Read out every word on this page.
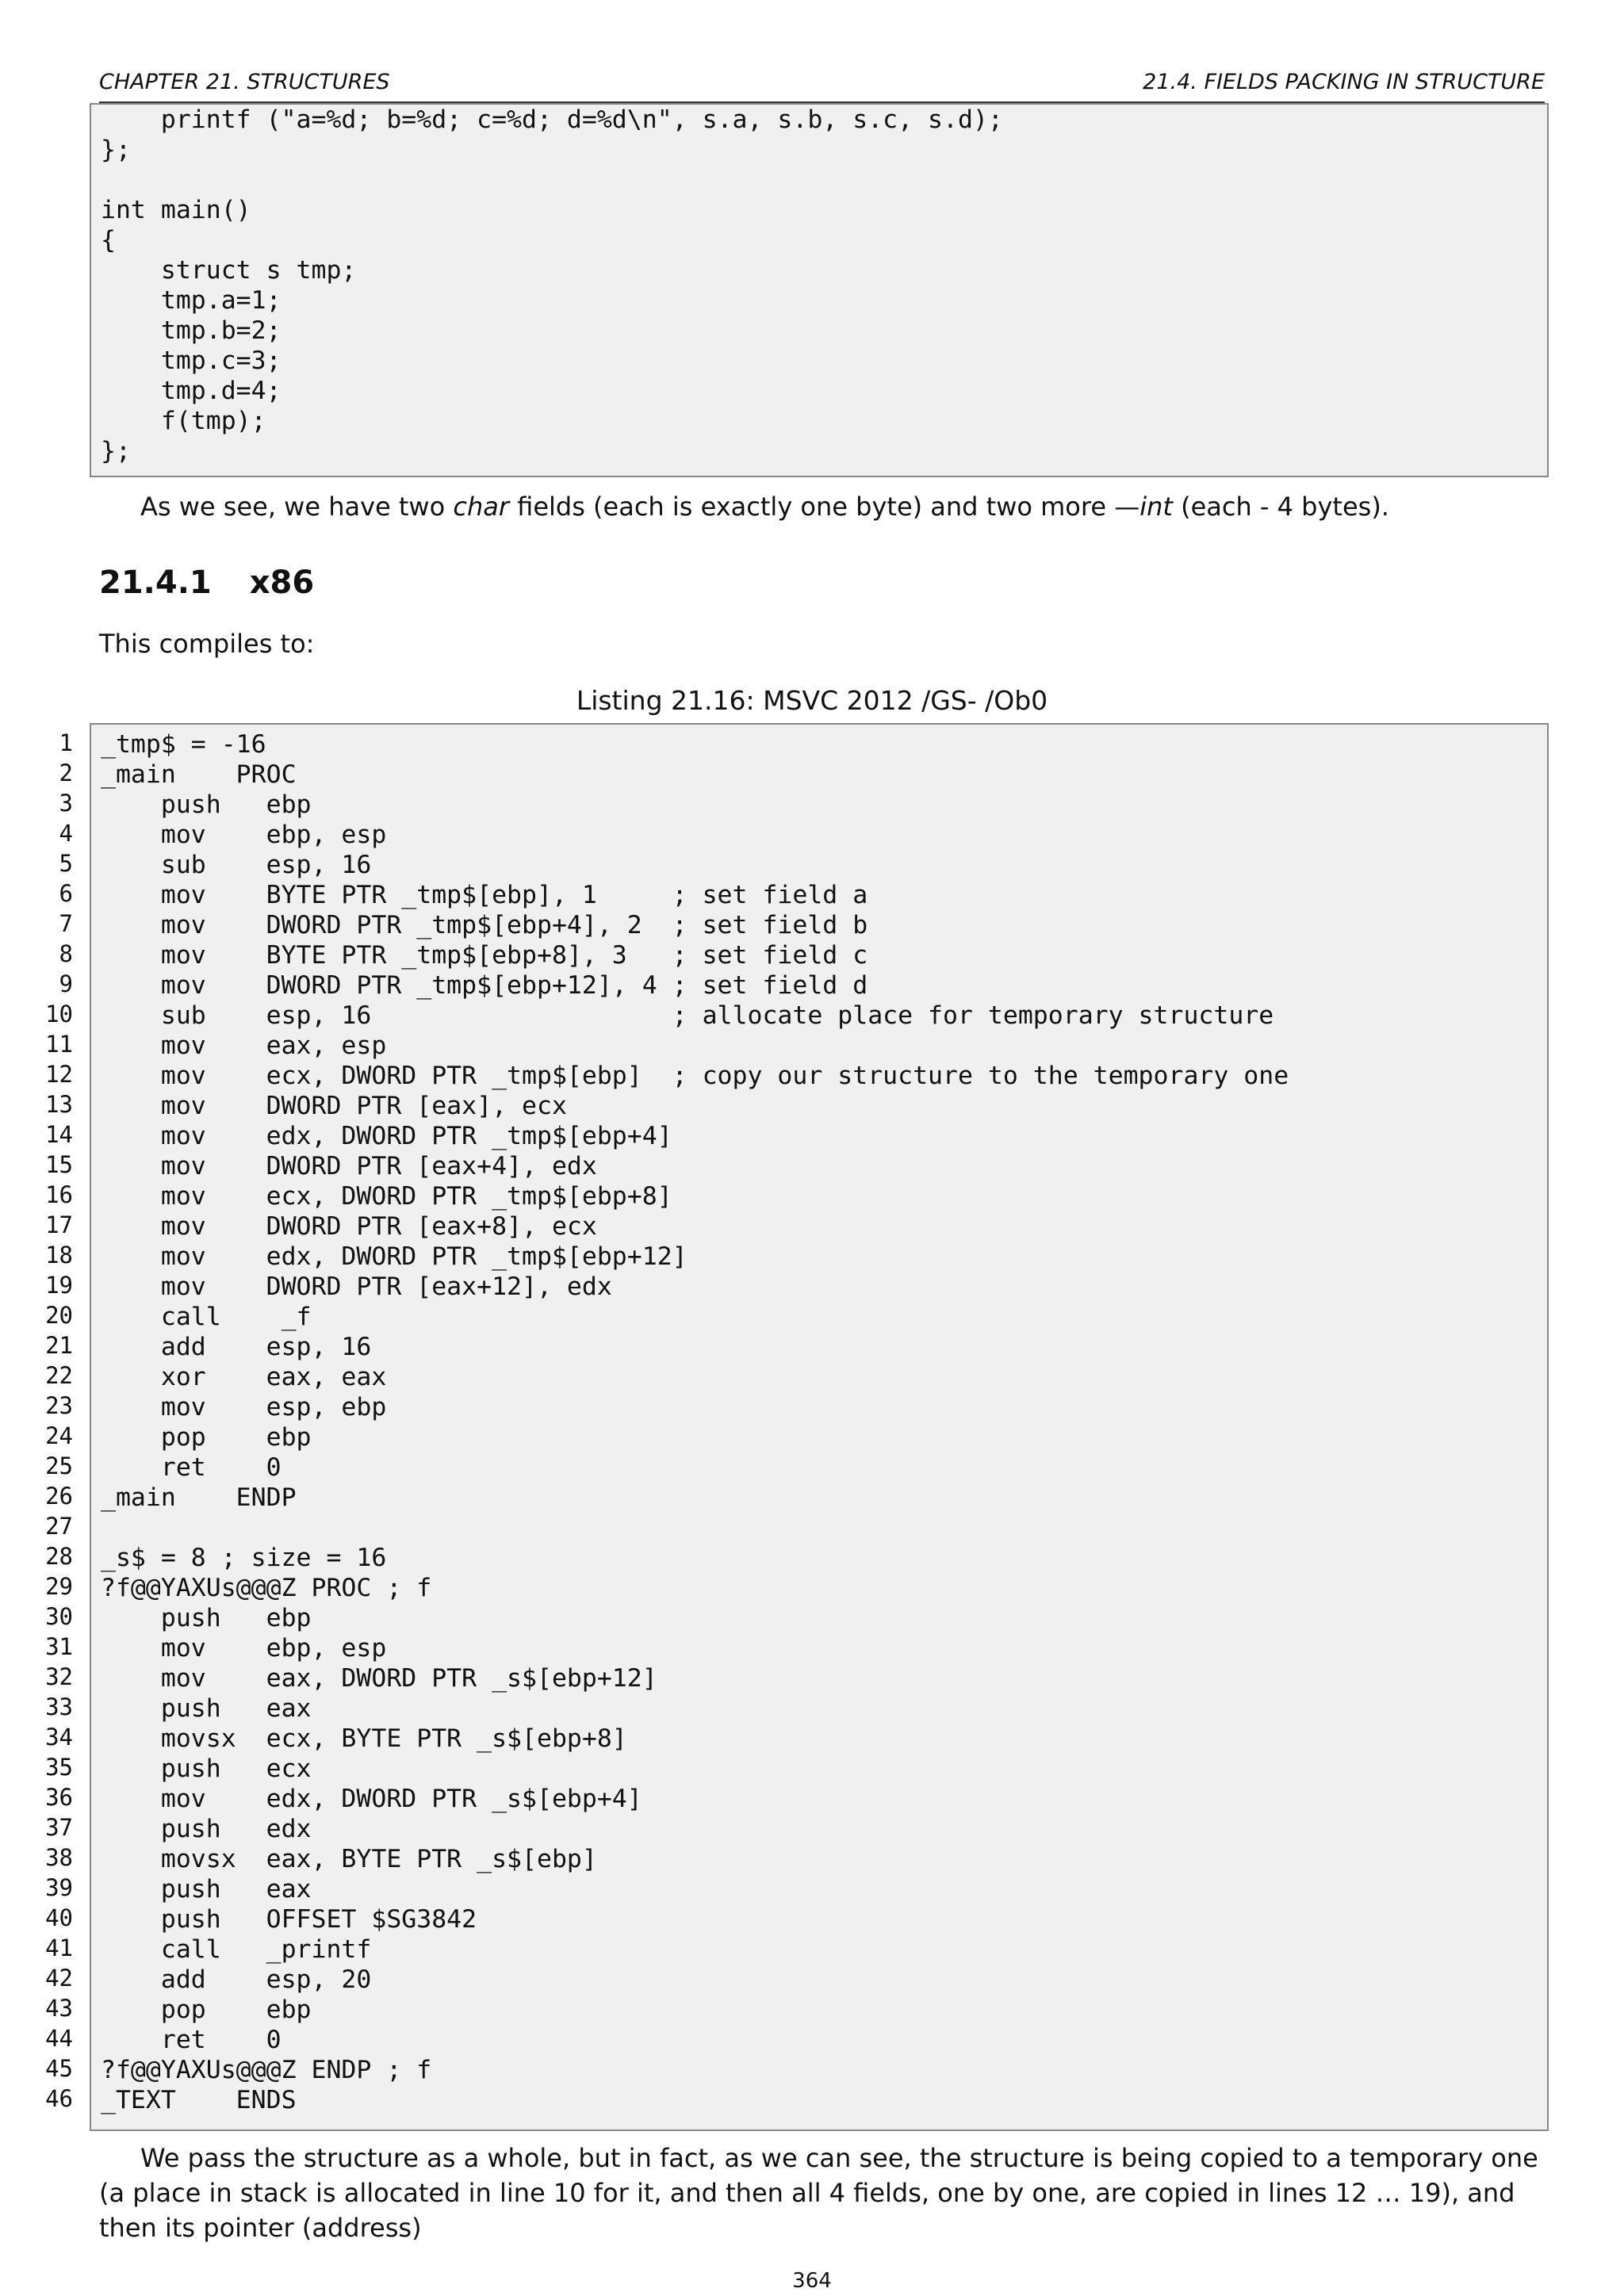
CHAPTER 21. STRUCTURES	21.4. FIELDS PACKING IN STRUCTURE
printf ("a=%d; b=%d; c=%d; d=%d\n", s.a, s.b, s.c, s.d);
};

int main()
{
struct s tmp;
tmp.a=1;
tmp.b=2;
tmp.c=3;
tmp.d=4;
f(tmp);
};
As we see, we have two char fields (each is exactly one byte) and two more —int (each - 4 bytes).
21.4.1 x86
This compiles to:
Listing 21.16: MSVC 2012 /GS- /Ob0
1
2
3
4
5
6
7
8
9
10
11
12
13
14
15
16
17
18
19
20
21
22
23
24
25
26
27
28
29
30
31
32
33
34
35
36
37
38
39
40
41
42
43
44
45
46
_tmp$ = -16
_main    PROC
push   ebp
mov    ebp, esp
sub    esp, 16
mov    BYTE PTR _tmp$[ebp], 1     ; set field a
mov    DWORD PTR _tmp$[ebp+4], 2  ; set field b
mov    BYTE PTR _tmp$[ebp+8], 3   ; set field c
mov    DWORD PTR _tmp$[ebp+12], 4 ; set field d
sub    esp, 16                    ; allocate place for temporary structure
mov    eax, esp
mov    ecx, DWORD PTR _tmp$[ebp]  ; copy our structure to the temporary one
mov    DWORD PTR [eax], ecx
mov    edx, DWORD PTR _tmp$[ebp+4]
mov    DWORD PTR [eax+4], edx
mov    ecx, DWORD PTR _tmp$[ebp+8]
mov    DWORD PTR [eax+8], ecx
mov    edx, DWORD PTR _tmp$[ebp+12]
mov    DWORD PTR [eax+12], edx
call    _f
add    esp, 16
xor    eax, eax
mov    esp, ebp
pop    ebp
ret    0
_main    ENDP

_s$ = 8 ; size = 16
?f@@YAXUs@@@Z PROC ; f
push   ebp
mov    ebp, esp
mov    eax, DWORD PTR _s$[ebp+12]
push   eax
movsx  ecx, BYTE PTR _s$[ebp+8]
push   ecx
mov    edx, DWORD PTR _s$[ebp+4]
push   edx
movsx  eax, BYTE PTR _s$[ebp]
push   eax
push   OFFSET $SG3842
call   _printf
add    esp, 20
pop    ebp
ret    0
?f@@YAXUs@@@Z ENDP ; f
_TEXT    ENDS
We pass the structure as a whole, but in fact, as we can see, the structure is being copied to a temporary one (a place in stack is allocated in line 10 for it, and then all 4 fields, one by one, are copied in lines 12 … 19), and then its pointer (address)
364
